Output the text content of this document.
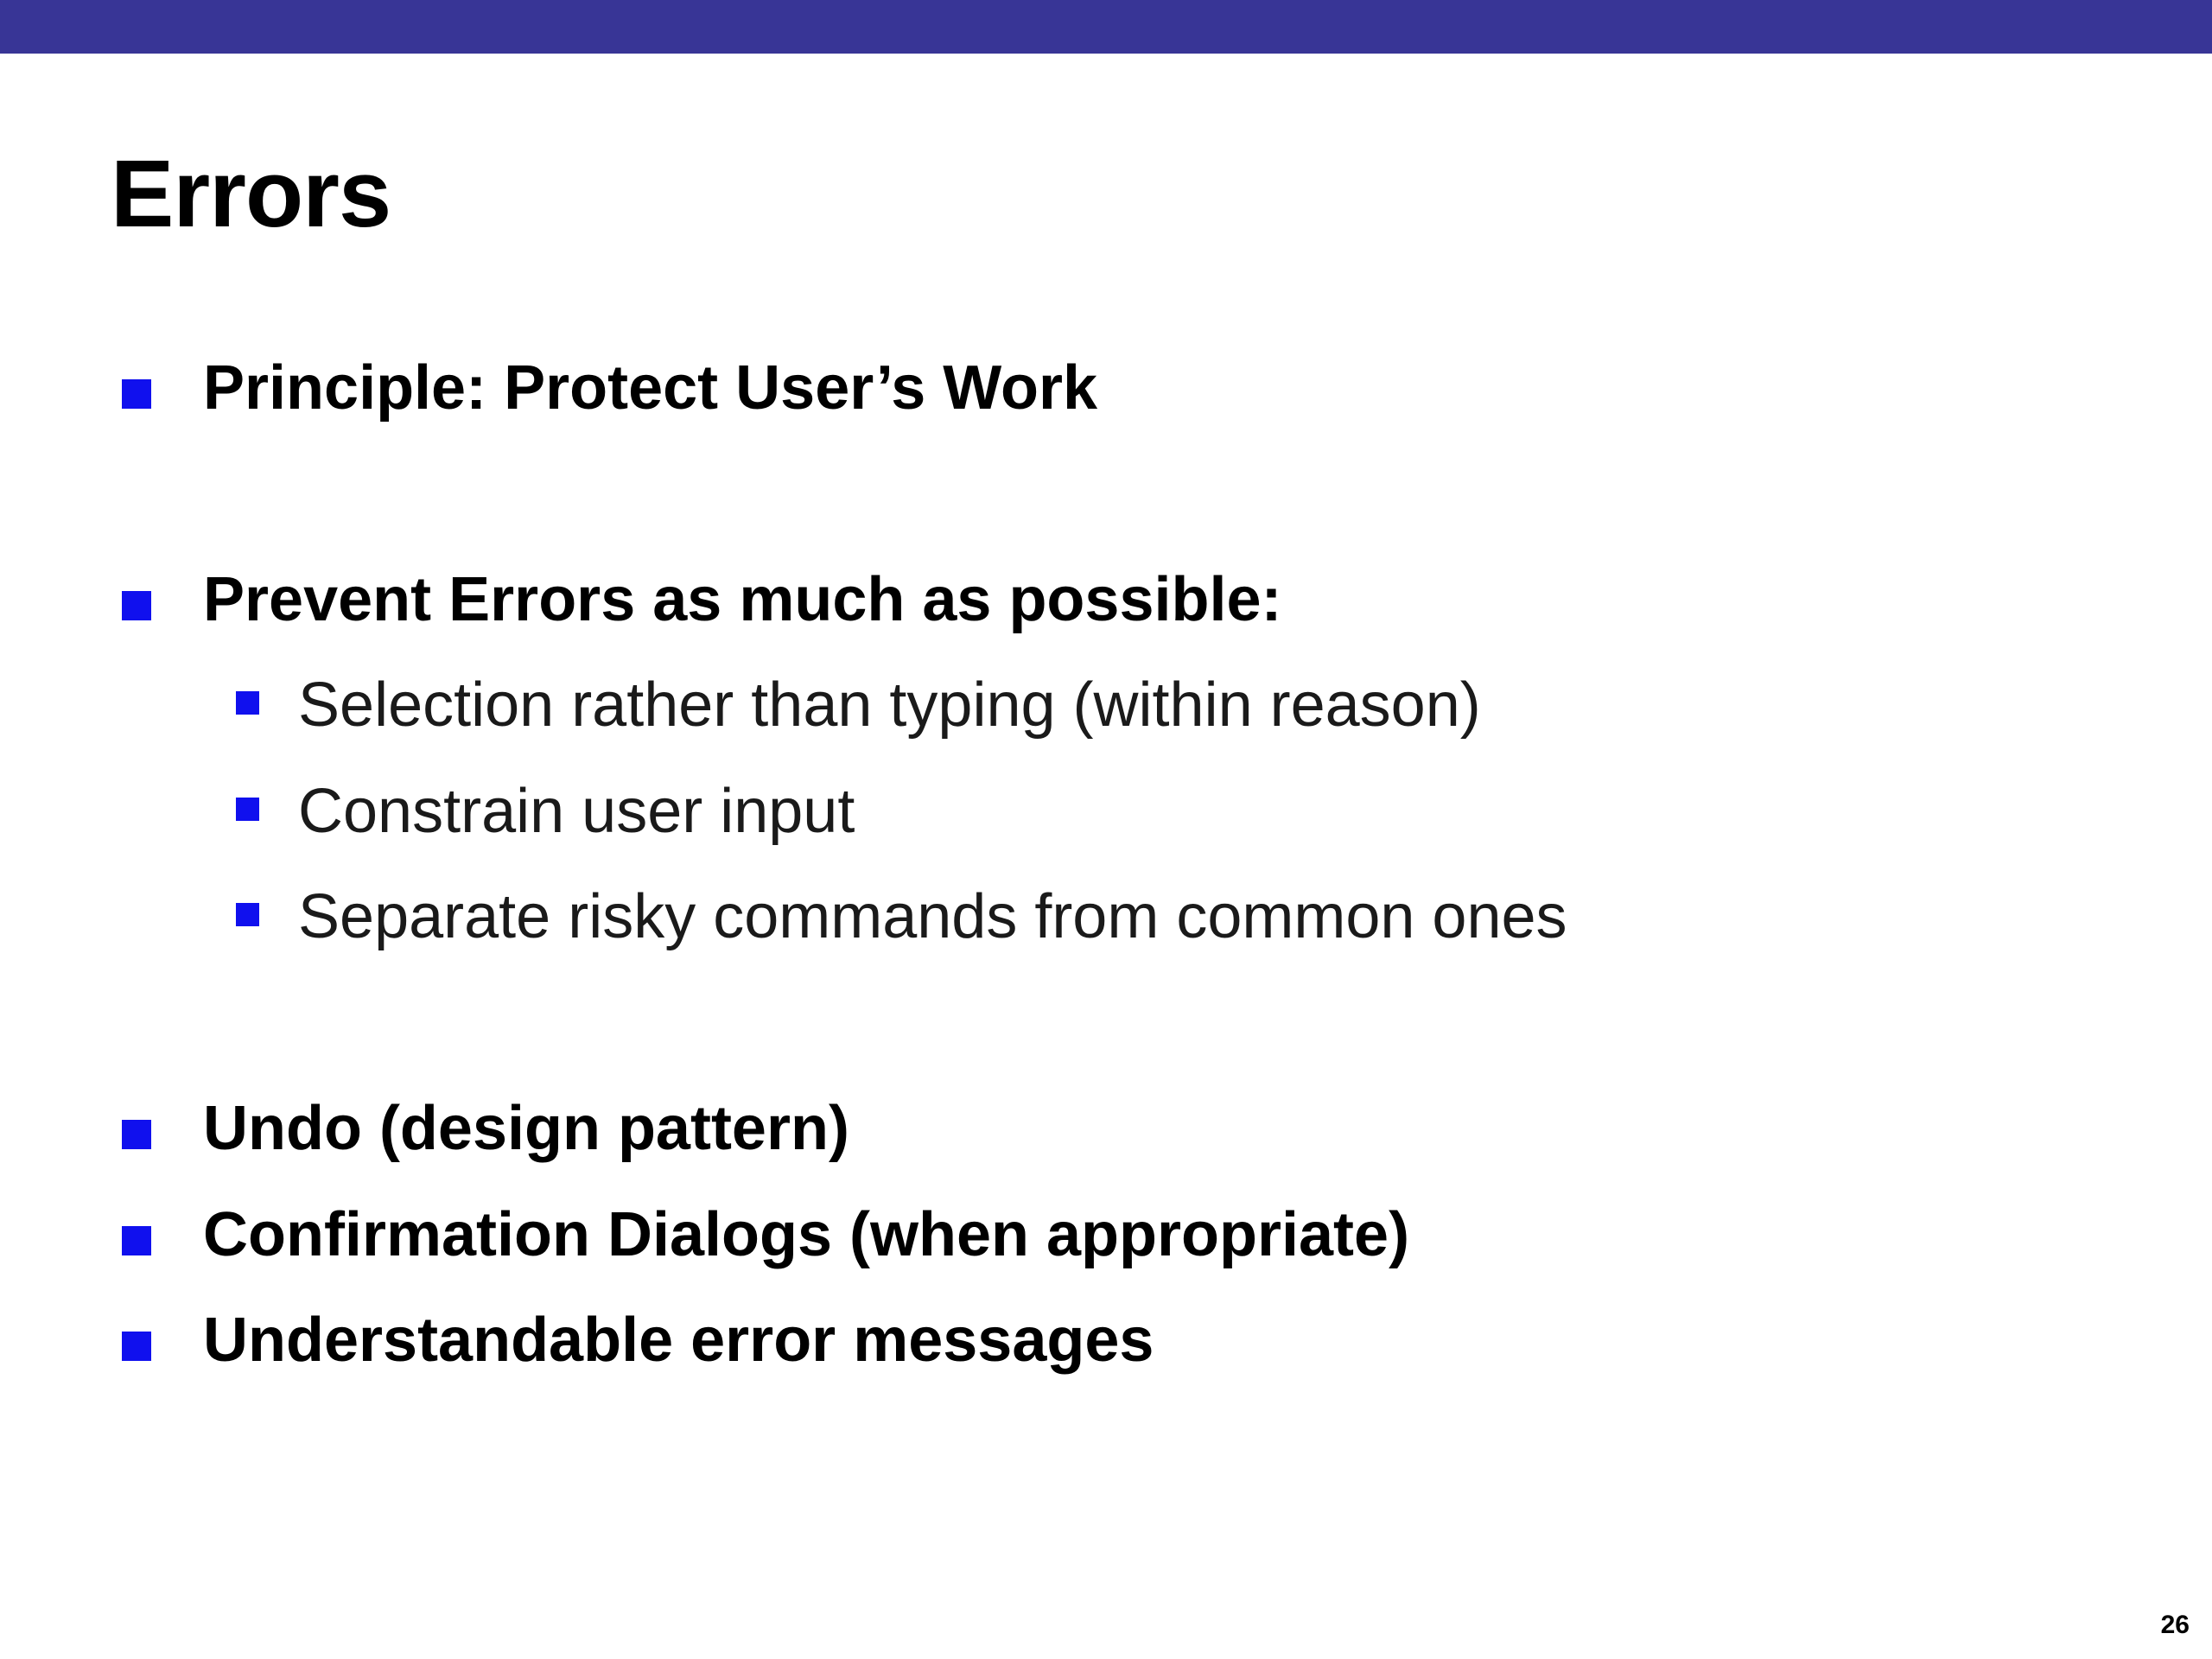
Errors
Principle: Protect User’s Work
Prevent Errors as much as possible:
Selection rather than typing (within reason)
Constrain user input
Separate risky commands from common ones
Undo (design pattern)
Confirmation Dialogs (when appropriate)
Understandable error messages
26
